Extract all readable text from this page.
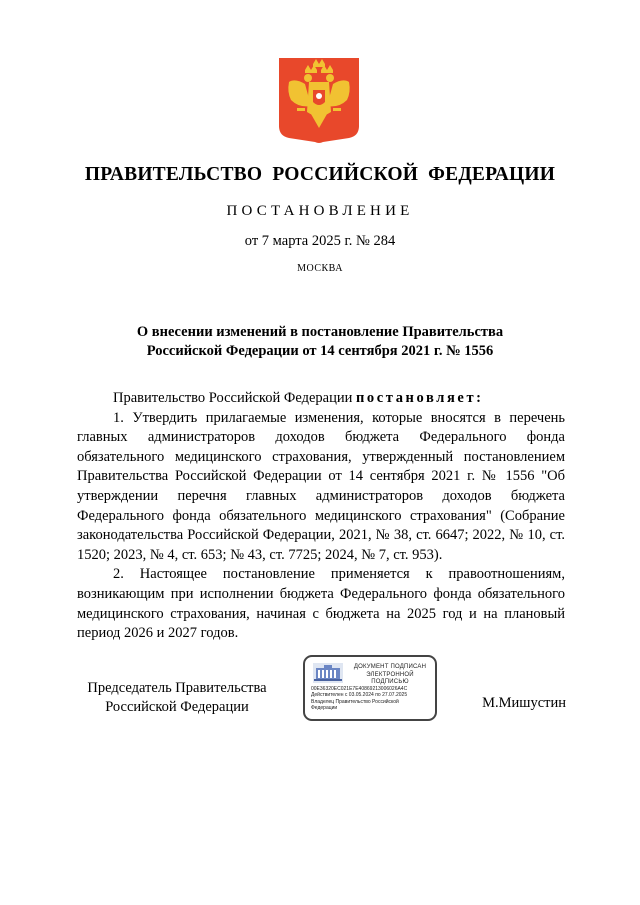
ПРАВИТЕЛЬСТВО РОССИЙСКОЙ ФЕДЕРАЦИИ
ПОСТАНОВЛЕНИЕ
от 7 марта 2025 г. № 284
МОСКВА
О внесении изменений в постановление Правительства
Российской Федерации от 14 сентября 2021 г. № 1556

Правительство Российской Федерации постановляет:

1. Утвердить прилагаемые изменения, которые вносятся в перечень главных администраторов доходов бюджета Федерального фонда обязательного медицинского страхования, утвержденный постановлением Правительства Российской Федерации от 14 сентября 2021 г. № 1556 "Об утверждении перечня главных администраторов доходов бюджета Федерального фонда обязательного медицинского страхования" (Собрание законодательства Российской Федерации, 2021, № 38, ст. 6647; 2022, № 10, ст. 1520; 2023, № 4, ст. 653; № 43, ст. 7725; 2024, № 7, ст. 953).

2. Настоящее постановление применяется к правоотношениям, возникающим при исполнении бюджета Федерального фонда обязательного медицинского страхования, начиная с бюджета на 2025 год и на плановый период 2026 и 2027 годов.

Председатель Правительства
Российской Федерации
ДОКУМЕНТ ПОДПИСАН
ЭЛЕКТРОННОЙ ПОДПИСЬЮ
00E36320EC021E7E40869213006026A4C
Действителен с 03.05.2024 по 27.07.2025
Владелец Правительство Российской
Федерации	М.Мишустин
